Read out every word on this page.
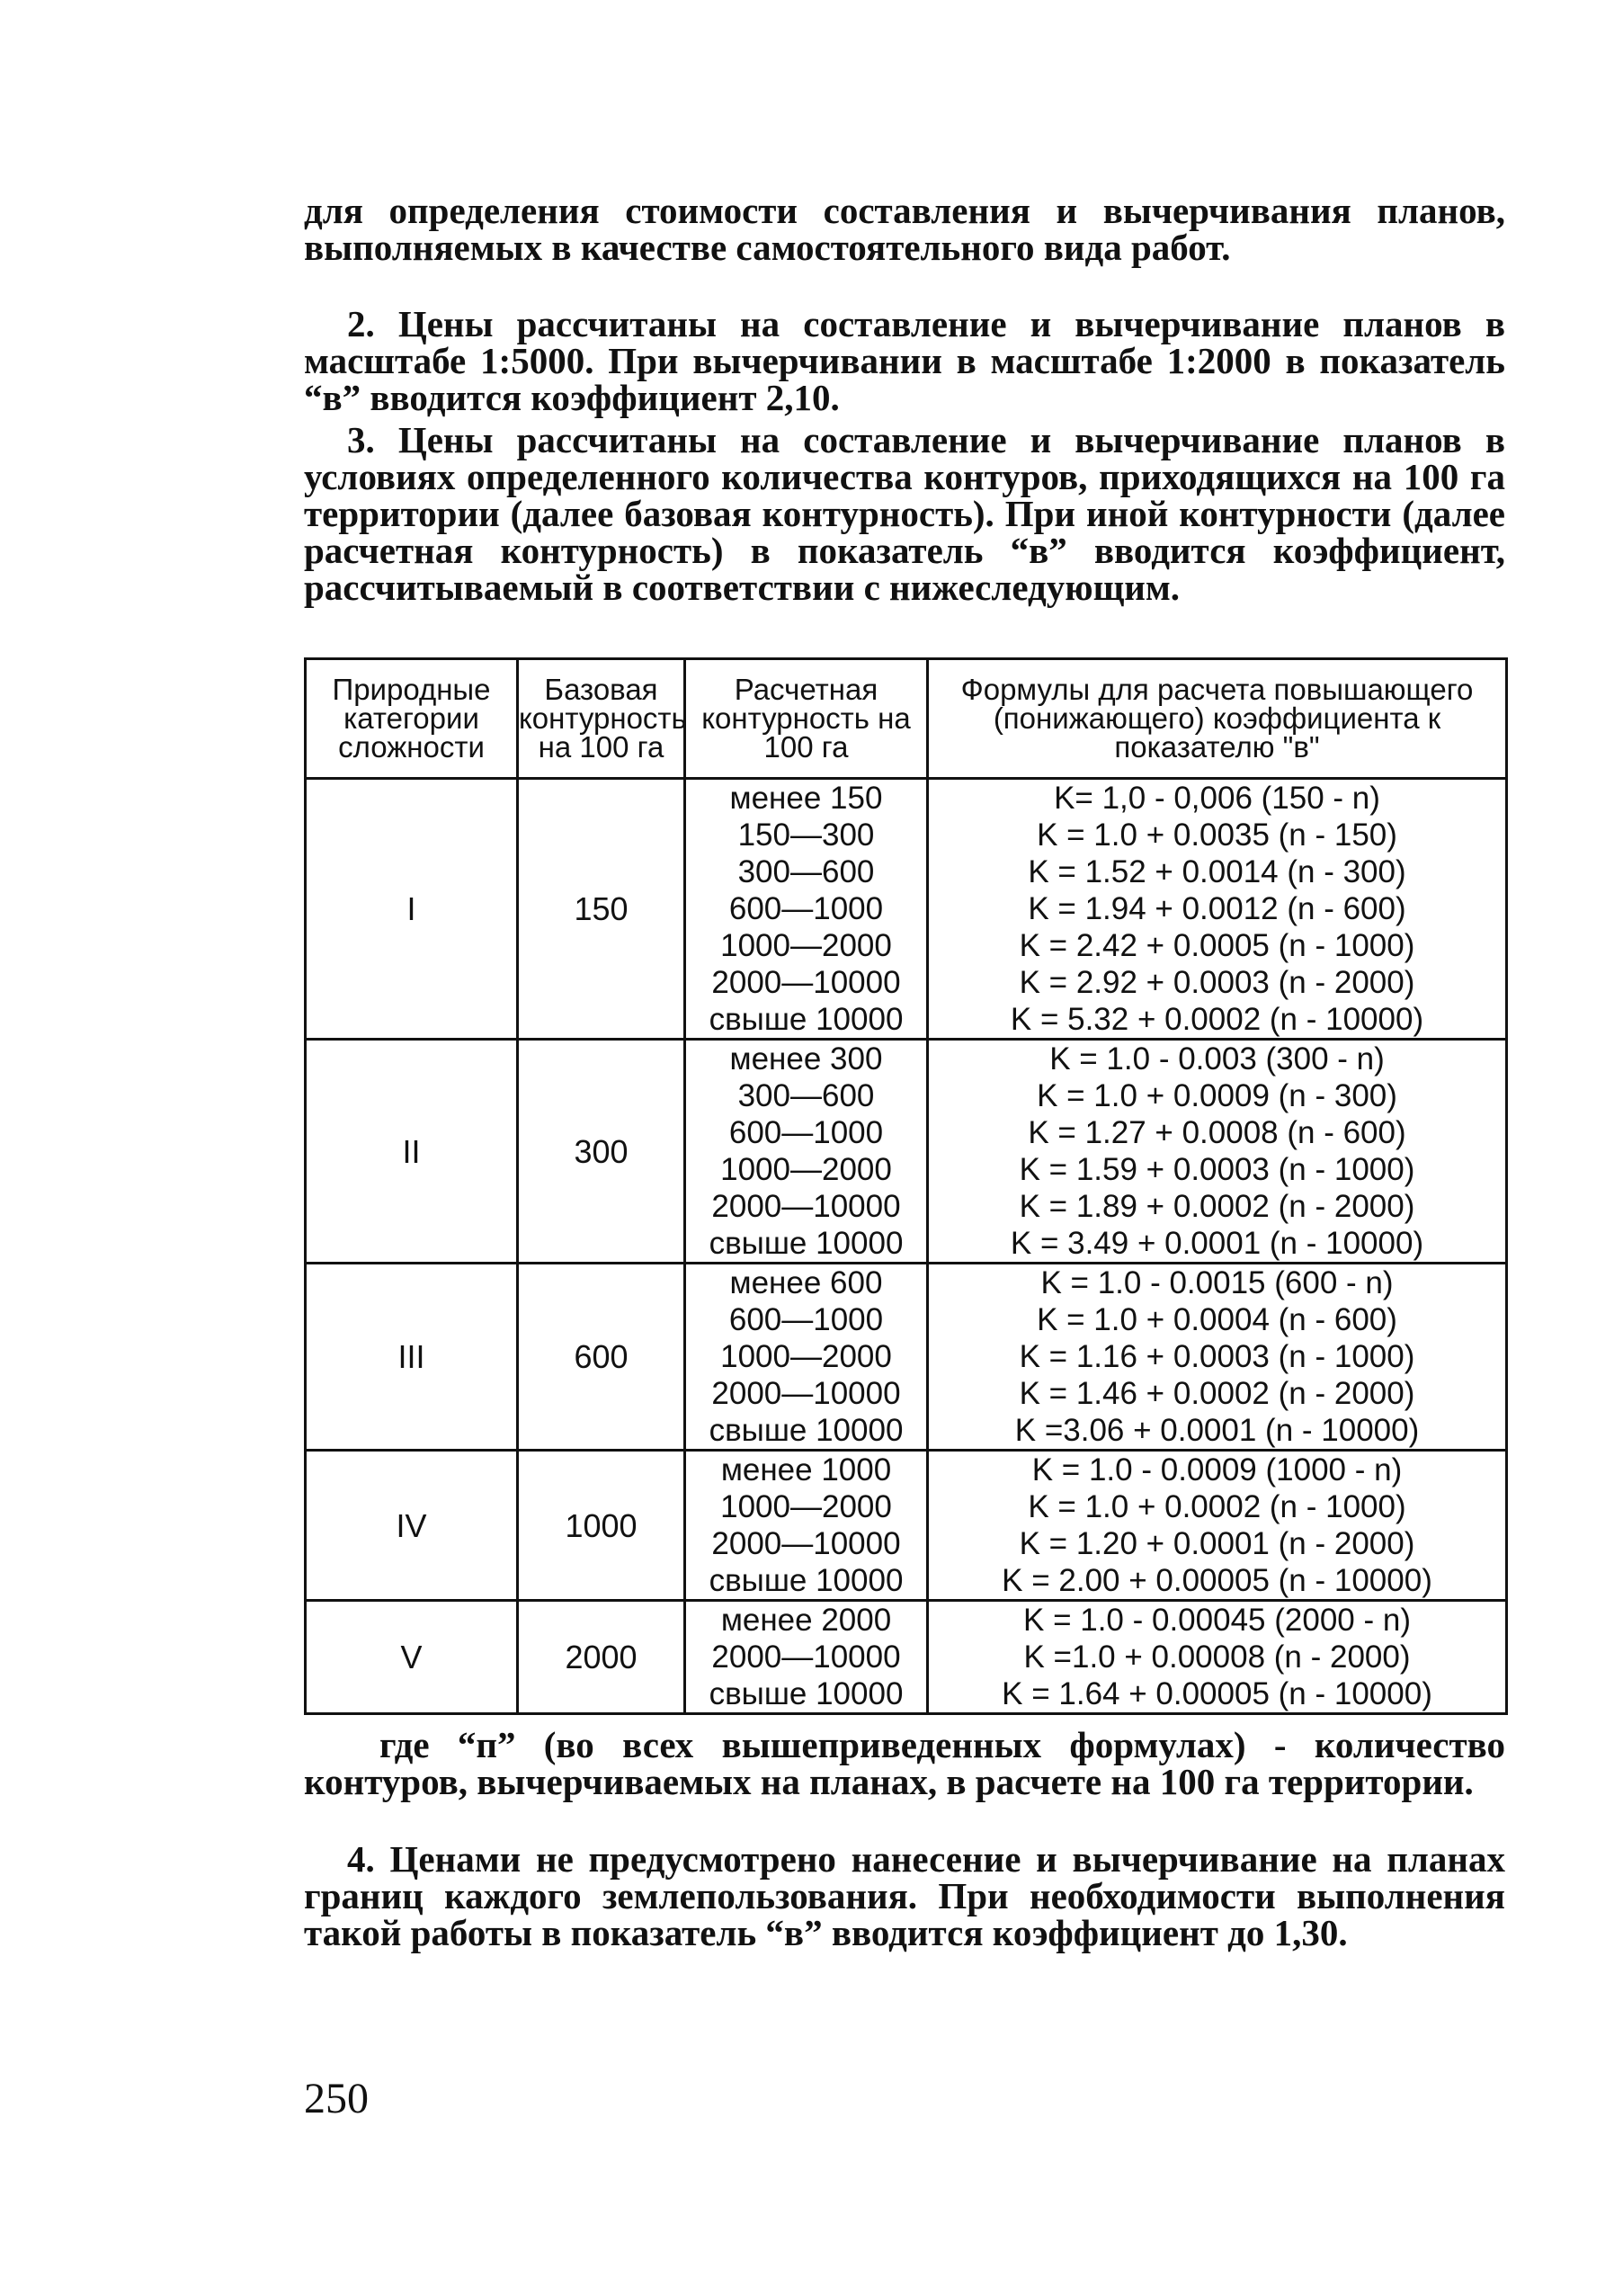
для определения стоимости составления и вычерчивания планов, выполняемых в качестве самостоятельного вида работ.

2. Цены рассчитаны на составление и вычерчивание планов в масштабе 1:5000. При вычерчивании в масштабе 1:2000 в показатель “в” вводится коэффициент 2,10.

3. Цены рассчитаны на составление и вычерчивание планов в условиях определенного количества контуров, приходящихся на 100 га территории (далее базовая контурность). При иной контурности (далее расчетная контурность) в показатель “в” вводится коэффициент, рассчитываемый в соответствии с нижеследующим.

Природные категории сложности	Базовая контурность на 100 га	Расчетная контурность на 100 га	Формулы для расчета повышающего (понижающего) коэффициента к показателю "в"
I	150	менее 150	K= 1,0 - 0,006 (150 - n)
		150—300	K = 1.0 + 0.0035 (n - 150)
		300—600	K = 1.52 + 0.0014 (n - 300)
		600—1000	K = 1.94 + 0.0012 (n - 600)
		1000—2000	K = 2.42 + 0.0005 (n - 1000)
		2000—10000	K = 2.92 + 0.0003 (n - 2000)
		свыше 10000	K = 5.32 + 0.0002 (n - 10000)
II	300	менее 300	K = 1.0 - 0.003 (300 - n)
		300—600	K = 1.0 + 0.0009 (n - 300)
		600—1000	K = 1.27 + 0.0008 (n - 600)
		1000—2000	K = 1.59 + 0.0003 (n - 1000)
		2000—10000	K = 1.89 + 0.0002 (n - 2000)
		свыше 10000	K = 3.49 + 0.0001 (n - 10000)
III	600	менее 600	K = 1.0 - 0.0015 (600 - n)
		600—1000	K = 1.0 + 0.0004 (n - 600)
		1000—2000	K = 1.16 + 0.0003 (n - 1000)
		2000—10000	K = 1.46 + 0.0002 (n - 2000)
		свыше 10000	K =3.06 + 0.0001 (n - 10000)
IV	1000	менее 1000	K = 1.0 - 0.0009 (1000 - n)
		1000—2000	K = 1.0 + 0.0002 (n - 1000)
		2000—10000	K = 1.20 + 0.0001 (n - 2000)
		свыше 10000	K = 2.00 + 0.00005 (n - 10000)
V	2000	менее 2000	K = 1.0 - 0.00045 (2000 - n)
		2000—10000	K =1.0 + 0.00008 (n - 2000)
		свыше 10000	K = 1.64 + 0.00005 (n - 10000)

где “п” (во всех вышеприведенных формулах) - количество контуров, вычерчиваемых на планах, в расчете на 100 га территории.

4. Ценами не предусмотрено нанесение и вычерчивание на планах границ каждого землепользования. При необходимости выполнения такой работы в показатель “в” вводится коэффициент до 1,30.

250
